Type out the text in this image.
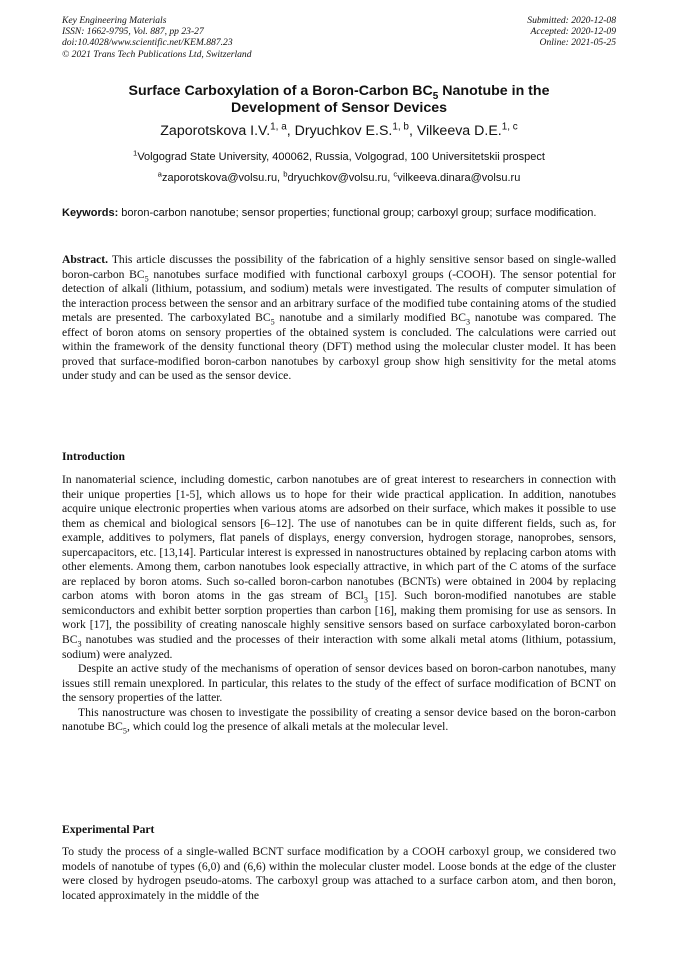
Key Engineering Materials
ISSN: 1662-9795, Vol. 887, pp 23-27
doi:10.4028/www.scientific.net/KEM.887.23
© 2021 Trans Tech Publications Ltd, Switzerland
Submitted: 2020-12-08
Accepted: 2020-12-09
Online: 2021-05-25
Surface Carboxylation of a Boron-Carbon $BC_5$ Nanotube in the
Development of Sensor Devices
Zaporotskova I.V.$^{1, a}$, Dryuchkov E.S.$^{1, b}$, Vilkeeva D.E.$^{1, c}$
$^1$Volgograd State University, 400062, Russia, Volgograd, 100 Universitetskii prospect
$^a$zaporotskova@volsu.ru, $^b$dryuchkov@volsu.ru, $^c$vilkeeva.dinara@volsu.ru
Keywords: boron-carbon nanotube; sensor properties; functional group; carboxyl group; surface modification.

Abstract. This article discusses the possibility of the fabrication of a highly sensitive sensor based on single-walled boron-carbon $BC_5$ nanotubes surface modified with functional carboxyl groups (-COOH). The sensor potential for detection of alkali (lithium, potassium, and sodium) metals were investigated. The results of computer simulation of the interaction process between the sensor and an arbitrary surface of the modified tube containing atoms of the studied metals are presented. The carboxylated $BC_5$ nanotube and a similarly modified $BC_3$ nanotube was compared. The effect of boron atoms on sensory properties of the obtained system is concluded. The calculations were carried out within the framework of the density functional theory (DFT) method using the molecular cluster model. It has been proved that surface-modified boron-carbon nanotubes by carboxyl group show high sensitivity for the metal atoms under study and can be used as the sensor device.

Introduction

In nanomaterial science, including domestic, carbon nanotubes are of great interest to researchers in connection with their unique properties [1-5], which allows us to hope for their wide practical application. In addition, nanotubes acquire unique electronic properties when various atoms are adsorbed on their surface, which makes it possible to use them as chemical and biological sensors [6–12]. The use of nanotubes can be in quite different fields, such as, for example, additives to polymers, flat panels of displays, energy conversion, hydrogen storage, nanoprobes, sensors, supercapacitors, etc. [13,14]. Particular interest is expressed in nanostructures obtained by replacing carbon atoms with other elements. Among them, carbon nanotubes look especially attractive, in which part of the C atoms of the surface are replaced by boron atoms. Such so-called boron-carbon nanotubes (BCNTs) were obtained in 2004 by replacing carbon atoms with boron atoms in the gas stream of BCl$_3$ [15]. Such boron-modified nanotubes are stable semiconductors and exhibit better sorption properties than carbon [16], making them promising for use as sensors. In work [17], the possibility of creating nanoscale highly sensitive sensors based on surface carboxylated boron-carbon $BC_3$ nanotubes was studied and the processes of their interaction with some alkali metal atoms (lithium, potassium, sodium) were analyzed.

Despite an active study of the mechanisms of operation of sensor devices based on boron-carbon nanotubes, many issues still remain unexplored. In particular, this relates to the study of the effect of surface modification of BCNT on the sensory properties of the latter.

This nanostructure was chosen to investigate the possibility of creating a sensor device based on the boron-carbon nanotube $BC_5$, which could log the presence of alkali metals at the molecular level.

Experimental Part

To study the process of a single-walled BCNT surface modification by a COOH carboxyl group, we considered two models of nanotube of types (6,0) and (6,6) within the molecular cluster model. Loose bonds at the edge of the cluster were closed by hydrogen pseudo-atoms. The carboxyl group was attached to a surface carbon atom, and then boron, located approximately in the middle of the
